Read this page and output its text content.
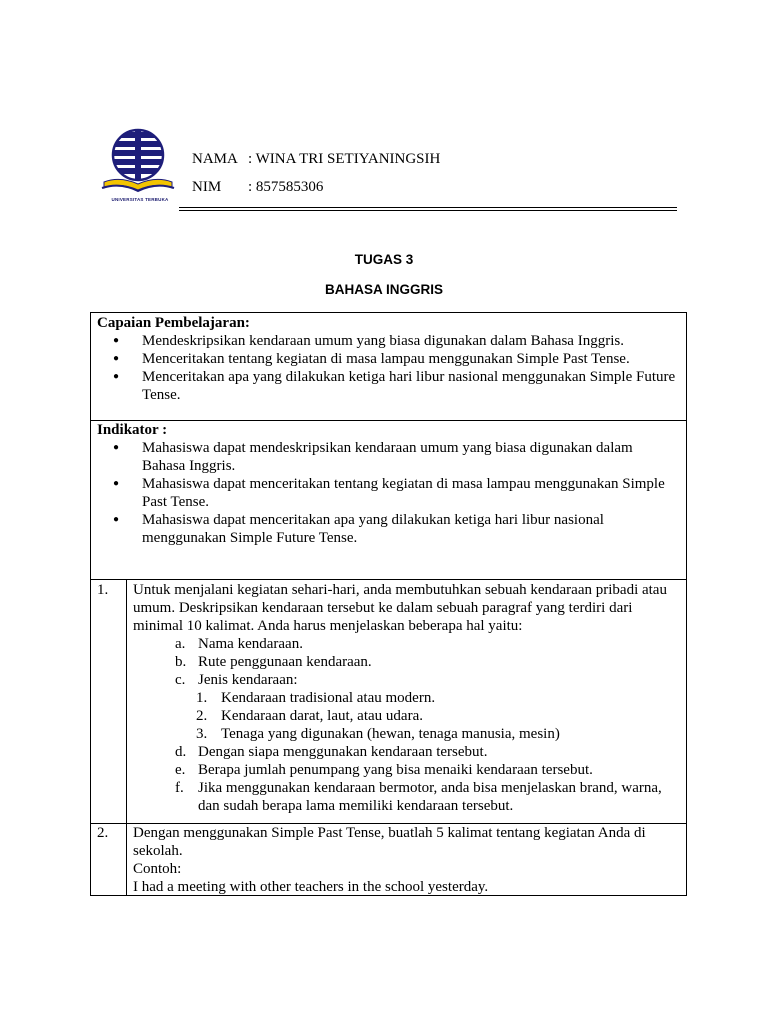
UNIVERSITAS TERBUKA
NAMA : WINA TRI SETIYANINGSIH
NIM : 857585306
TUGAS 3
BAHASA INGGRIS
Capaian Pembelajaran:
● Mendeskripsikan kendaraan umum yang biasa digunakan dalam Bahasa Inggris.
● Menceritakan tentang kegiatan di masa lampau menggunakan Simple Past Tense.
● Menceritakan apa yang dilakukan ketiga hari libur nasional menggunakan Simple Future Tense.
Indikator :
● Mahasiswa dapat mendeskripsikan kendaraan umum yang biasa digunakan dalam Bahasa Inggris.
● Mahasiswa dapat menceritakan tentang kegiatan di masa lampau menggunakan Simple Past Tense.
● Mahasiswa dapat menceritakan apa yang dilakukan ketiga hari libur nasional menggunakan Simple Future Tense.
1.	Untuk menjalani kegiatan sehari-hari, anda membutuhkan sebuah kendaraan pribadi atau umum. Deskripsikan kendaraan tersebut ke dalam sebuah paragraf yang terdiri dari minimal 10 kalimat. Anda harus menjelaskan beberapa hal yaitu:
a. Nama kendaraan.
b. Rute penggunaan kendaraan.
c. Jenis kendaraan:
1. Kendaraan tradisional atau modern.
2. Kendaraan darat, laut, atau udara.
3. Tenaga yang digunakan (hewan, tenaga manusia, mesin)
d. Dengan siapa menggunakan kendaraan tersebut.
e. Berapa jumlah penumpang yang bisa menaiki kendaraan tersebut.
f. Jika menggunakan kendaraan bermotor, anda bisa menjelaskan brand, warna, dan sudah berapa lama memiliki kendaraan tersebut.
2.	Dengan menggunakan Simple Past Tense, buatlah 5 kalimat tentang kegiatan Anda di sekolah.
Contoh:
I had a meeting with other teachers in the school yesterday.
